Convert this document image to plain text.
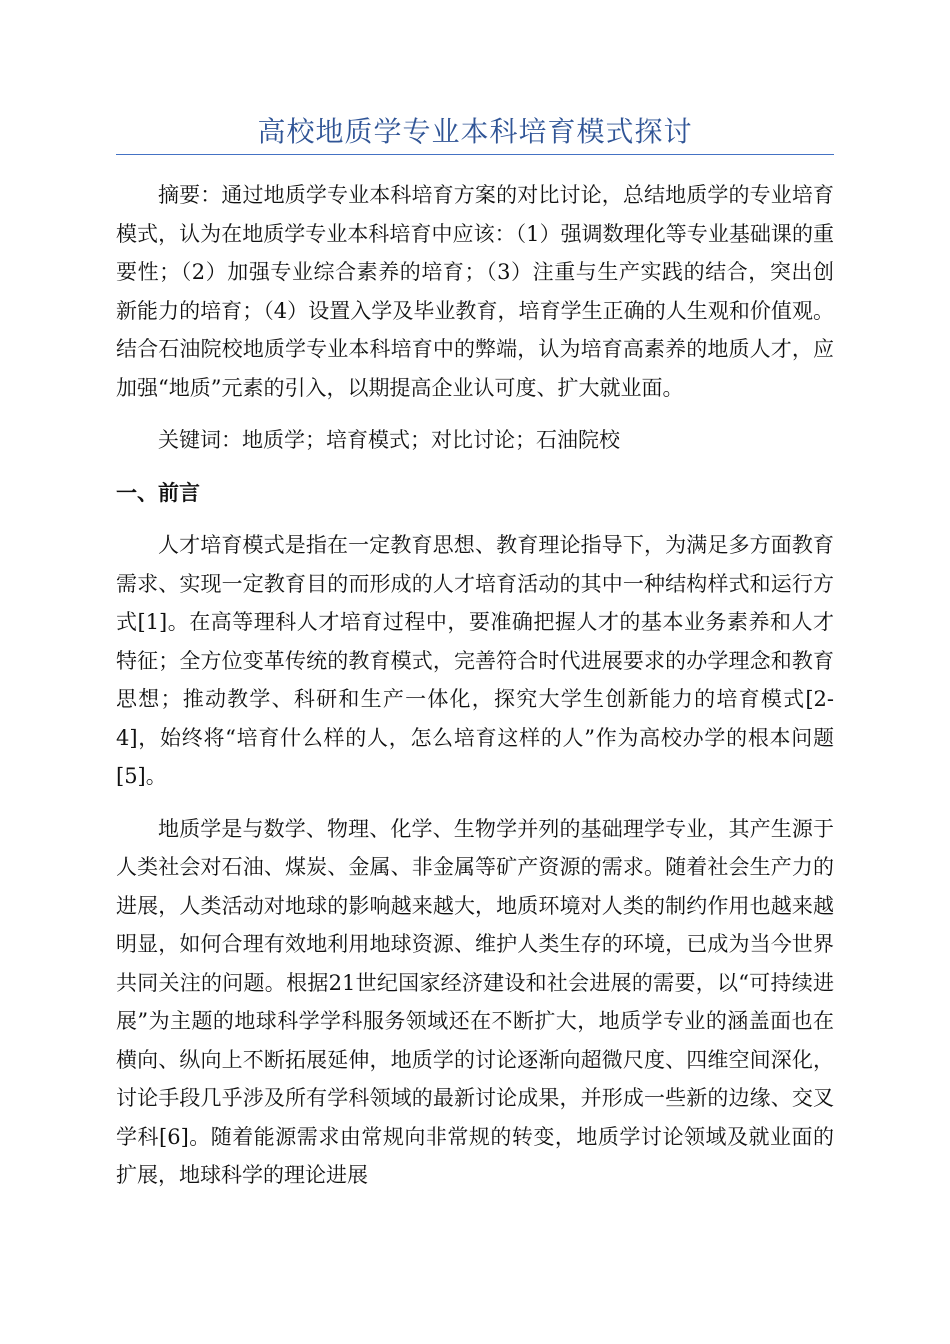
高校地质学专业本科培育模式探讨

摘要：通过地质学专业本科培育方案的对比讨论，总结地质学的专业培育模式，认为在地质学专业本科培育中应该：（1）强调数理化等专业基础课的重要性；（2）加强专业综合素养的培育；（3）注重与生产实践的结合，突出创新能力的培育；（4）设置入学及毕业教育，培育学生正确的人生观和价值观。结合石油院校地质学专业本科培育中的弊端，认为培育高素养的地质人才，应加强“地质”元素的引入，以期提高企业认可度、扩大就业面。

关键词：地质学；培育模式；对比讨论；石油院校

一、前言

人才培育模式是指在一定教育思想、教育理论指导下，为满足多方面教育需求、实现一定教育目的而形成的人才培育活动的其中一种结构样式和运行方式[1]。在高等理科人才培育过程中，要准确把握人才的基本业务素养和人才特征；全方位变革传统的教育模式，完善符合时代进展要求的办学理念和教育思想；推动教学、科研和生产一体化，探究大学生创新能力的培育模式[2-4]，始终将“培育什么样的人，怎么培育这样的人”作为高校办学的根本问题[5]。

地质学是与数学、物理、化学、生物学并列的基础理学专业，其产生源于人类社会对石油、煤炭、金属、非金属等矿产资源的需求。随着社会生产力的进展，人类活动对地球的影响越来越大，地质环境对人类的制约作用也越来越明显，如何合理有效地利用地球资源、维护人类生存的环境，已成为当今世界共同关注的问题。根据21世纪国家经济建设和社会进展的需要，以“可持续进展”为主题的地球科学学科服务领域还在不断扩大，地质学专业的涵盖面也在横向、纵向上不断拓展延伸，地质学的讨论逐渐向超微尺度、四维空间深化，讨论手段几乎涉及所有学科领域的最新讨论成果，并形成一些新的边缘、交叉学科[6]。随着能源需求由常规向非常规的转变，地质学讨论领域及就业面的扩展，地球科学的理论进展
